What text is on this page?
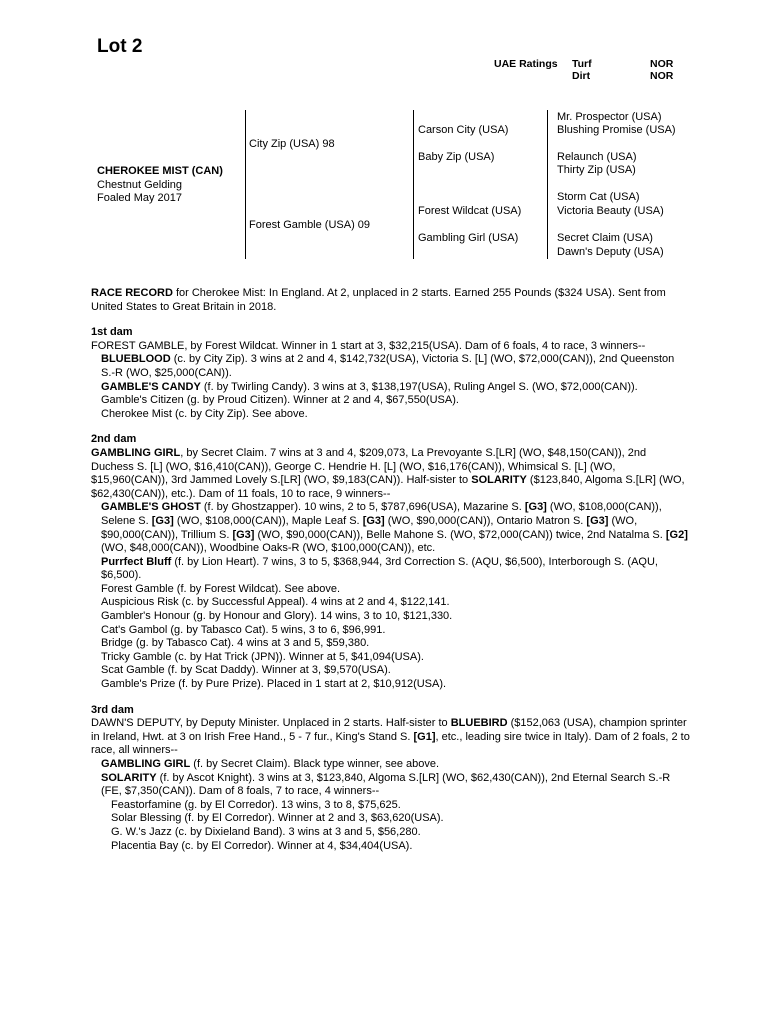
Lot 2
UAE Ratings Turf
Dirt
NOR
NOR
CHEROKEE MIST (CAN)
Chestnut Gelding
Foaled May 2017
City Zip (USA) 98
Forest Gamble (USA) 09
Carson City (USA)
Baby Zip (USA)
Forest Wildcat (USA)
Gambling Girl (USA)
Mr. Prospector (USA)
Blushing Promise (USA)
Relaunch (USA)
Thirty Zip (USA)
Storm Cat (USA)
Victoria Beauty (USA)
Secret Claim (USA)
Dawn's Deputy (USA)

RACE RECORD for Cherokee Mist: In England. At 2, unplaced in 2 starts. Earned 255 Pounds ($324 USA). Sent from United States to Great Britain in 2018.

1st dam

FOREST GAMBLE, by Forest Wildcat. Winner in 1 start at 3, $32,215(USA). Dam of 6 foals, 4 to race, 3 winners--

BLUEBLOOD (c. by City Zip). 3 wins at 2 and 4, $142,732(USA), Victoria S. [L] (WO, $72,000(CAN)), 2nd Queenston S.-R (WO, $25,000(CAN)).

GAMBLE'S CANDY (f. by Twirling Candy). 3 wins at 3, $138,197(USA), Ruling Angel S. (WO, $72,000(CAN)).

Gamble's Citizen (g. by Proud Citizen). Winner at 2 and 4, $67,550(USA).

Cherokee Mist (c. by City Zip). See above.

2nd dam

GAMBLING GIRL, by Secret Claim. 7 wins at 3 and 4, $209,073, La Prevoyante S.[LR] (WO, $48,150(CAN)), 2nd Duchess S. [L] (WO, $16,410(CAN)), George C. Hendrie H. [L] (WO, $16,176(CAN)), Whimsical S. [L] (WO, $15,960(CAN)), 3rd Jammed Lovely S.[LR] (WO, $9,183(CAN)). Half-sister to SOLARITY ($123,840, Algoma S.[LR] (WO, $62,430(CAN)), etc.). Dam of 11 foals, 10 to race, 9 winners--

GAMBLE'S GHOST (f. by Ghostzapper). 10 wins, 2 to 5, $787,696(USA), Mazarine S. [G3] (WO, $108,000(CAN)), Selene S. [G3] (WO, $108,000(CAN)), Maple Leaf S. [G3] (WO, $90,000(CAN)), Ontario Matron S. [G3] (WO, $90,000(CAN)), Trillium S. [G3] (WO, $90,000(CAN)), Belle Mahone S. (WO, $72,000(CAN)) twice, 2nd Natalma S. [G2] (WO, $48,000(CAN)), Woodbine Oaks-R (WO, $100,000(CAN)), etc.

Purrfect Bluff (f. by Lion Heart). 7 wins, 3 to 5, $368,944, 3rd Correction S. (AQU, $6,500), Interborough S. (AQU, $6,500).

Forest Gamble (f. by Forest Wildcat). See above.

Auspicious Risk (c. by Successful Appeal). 4 wins at 2 and 4, $122,141.

Gambler's Honour (g. by Honour and Glory). 14 wins, 3 to 10, $121,330.

Cat's Gambol (g. by Tabasco Cat). 5 wins, 3 to 6, $96,991.

Bridge (g. by Tabasco Cat). 4 wins at 3 and 5, $59,380.

Tricky Gamble (c. by Hat Trick (JPN)). Winner at 5, $41,094(USA).

Scat Gamble (f. by Scat Daddy). Winner at 3, $9,570(USA).

Gamble's Prize (f. by Pure Prize). Placed in 1 start at 2, $10,912(USA).

3rd dam

DAWN'S DEPUTY, by Deputy Minister. Unplaced in 2 starts. Half-sister to BLUEBIRD ($152,063 (USA), champion sprinter in Ireland, Hwt. at 3 on Irish Free Hand., 5 - 7 fur., King's Stand S. [G1], etc., leading sire twice in Italy). Dam of 2 foals, 2 to race, all winners--

GAMBLING GIRL (f. by Secret Claim). Black type winner, see above.

SOLARITY (f. by Ascot Knight). 3 wins at 3, $123,840, Algoma S.[LR] (WO, $62,430(CAN)), 2nd Eternal Search S.-R (FE, $7,350(CAN)). Dam of 8 foals, 7 to race, 4 winners--

Feastorfamine (g. by El Corredor). 13 wins, 3 to 8, $75,625.

Solar Blessing (f. by El Corredor). Winner at 2 and 3, $63,620(USA).

G. W.'s Jazz (c. by Dixieland Band). 3 wins at 3 and 5, $56,280.

Placentia Bay (c. by El Corredor). Winner at 4, $34,404(USA).
